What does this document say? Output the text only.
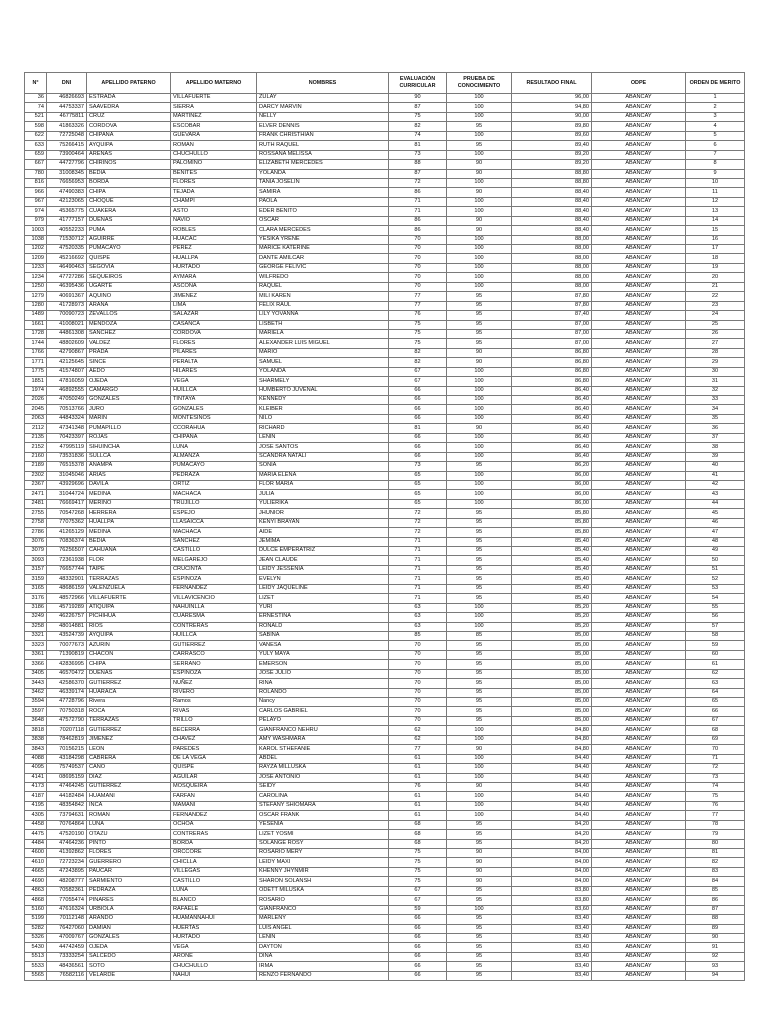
N°	DNI	APELLIDO PATERNO	APELLIDO MATERNO	NOMBRES	EVALUACIÓN CURRICULAR	PRUEBA DE CONOCIMIENTO	RESULTADO FINAL	ODPE	ORDEN DE MERITO
36	46826693	ESTRADA	VILLAFUERTE	ZULAY	90	100	96,00	ABANCAY	1
74	44753337	SAAVEDRA	SIERRA	DARCY MARVIN	87	100	94,80	ABANCAY	2
521	46775811	CRUZ	MARTINEZ	NELLY	75	100	90,00	ABANCAY	3
598	41863326	CORDOVA	ESCOBAR	ELVER DENNIS	82	95	89,80	ABANCAY	4
622	72725048	CHIPANA	GUEVARA	FRANK CHRISTHIAN	74	100	89,60	ABANCAY	5
633	75266415	AYQUIPA	ROMAN	RUTH RAQUEL	81	95	89,40	ABANCAY	6
659	73900464	ARENAS	CHUCHULLO	ROSSANA MELISSA	73	100	89,20	ABANCAY	7
667	44727796	CHIRINOS	PALOMINO	ELIZABETH MERCEDES	88	90	89,20	ABANCAY	8
780	31008345	BEDIA	BENITES	YOLANDA	87	90	88,80	ABANCAY	9
816	76656953	BORDA	FLORES	TANIA JOSELIN	72	100	88,80	ABANCAY	10
966	47490383	CHIPA	TEJADA	SAMIRA	86	90	88,40	ABANCAY	11
967	42123065	CHOQUE	CHAMPI	PAOLA	71	100	88,40	ABANCAY	12
974	45365775	CUAKERA	ASTO	EDER BENITO	71	100	88,40	ABANCAY	13
979	41777157	DUENAS	NAVIO	OSCAR	86	90	88,40	ABANCAY	14
1003	40552233	PUMA	ROBLES	CLARA MERCEDES	86	90	88,40	ABANCAY	15
1038	71530712	AGUIRRE	HUACAC	YESIKA YRENE	70	100	88,00	ABANCAY	16
1202	47520335	PUMACAYO	PEREZ	MARICE KATERINE	70	100	88,00	ABANCAY	17
1209	45216692	QUISPE	HUALLPA	DANTE AMILCAR	70	100	88,00	ABANCAY	18
1233	46490463	SEGOVIA	HURTADO	GEORGE FELIVIC	70	100	88,00	ABANCAY	19
1234	47727286	SEQUEIROS	AYMARA	WILFREDO	70	100	88,00	ABANCAY	20
1250	46395436	UGARTE	ASCONA	RAQUEL	70	100	88,00	ABANCAY	21
1279	40691367	AQUINO	JIMENEZ	MILI KAREN	77	95	87,80	ABANCAY	22
1280	41728973	ARANA	LIMA	FELIX RAUL	77	95	87,80	ABANCAY	23
1489	70090723	ZEVALLOS	SALAZAR	LILY YOVANNA	76	95	87,40	ABANCAY	24
1661	41008021	MENDOZA	CASANCA	LISBETH	75	95	87,00	ABANCAY	25
1728	44861308	SANCHEZ	CORDOVA	MARIELA	75	95	87,00	ABANCAY	26
1744	48802609	VALDEZ	FLORES	ALEXANDER LUIS MIGUEL	75	95	87,00	ABANCAY	27
1766	42790867	PRADA	PILARES	MARIO	82	90	86,80	ABANCAY	28
1771	42125645	SINCE	PERALTA	SAMUEL	82	90	86,80	ABANCAY	29
1775	41574807	AEDO	HILARES	YOLANDA	67	100	86,80	ABANCAY	30
1851	47816059	OJEDA	VEGA	SHARMELY	67	100	86,80	ABANCAY	31
1974	46892555	CAMARGO	HUILLCA	HUMBERTO JUVENAL	66	100	86,40	ABANCAY	32
2026	47050249	GONZALES	TINTAYA	KENNEDY	66	100	86,40	ABANCAY	33
2045	70513766	JURO	GONZALES	KLEIBER	66	100	86,40	ABANCAY	34
2063	44843324	MARIN	MONTESINOS	NILO	66	100	86,40	ABANCAY	35
2112	47341348	PUMAPILLO	CCORAHUA	RICHARD	81	90	86,40	ABANCAY	36
2135	70423397	ROJAS	CHIPANA	LENIN	66	100	86,40	ABANCAY	37
2152	47995119	SIHUINCHA	LUNA	JOSE SANTOS	66	100	86,40	ABANCAY	38
2160	73531836	SULLCA	ALMANZA	SCANDRA NATALI	66	100	86,40	ABANCAY	39
2189	76515378	ANAMPA	PUMACAYO	SONIA	73	95	86,20	ABANCAY	40
2302	31045046	ARIAS	PEDRAZA	MARIA ELENA	65	100	86,00	ABANCAY	41
2367	43929696	DAVILA	ORTIZ	FLOR MARIA	65	100	86,00	ABANCAY	42
2471	31044724	MEDINA	MACHACA	JULIA	65	100	86,00	ABANCAY	43
2481	76669417	MERINO	TRUJILLO	YULIERIKA	65	100	86,00	ABANCAY	44
2755	70547268	HERRERA	ESPEJO	JHUNIOR	72	95	85,80	ABANCAY	45
2758	77075362	HUALLPA	LLASAICCA	KENYI BRAYAN	72	95	85,80	ABANCAY	46
2786	41265129	MEDINA	MACHACA	AIDE	72	95	85,80	ABANCAY	47
3076	70836374	BEDIA	SANCHEZ	JEMIMA	71	95	85,40	ABANCAY	48
3079	76256507	CAHUANA	CASTILLO	DULCE EMPERATRIZ	71	95	85,40	ABANCAY	49
3093	72361938	FLOR	MELGAREJO	JEAN CLAUDE	71	95	85,40	ABANCAY	50
3157	76657744	TAIPE	CRUCINTA	LEIDY JESSENIA	71	95	85,40	ABANCAY	51
3159	48332901	TERRAZAS	ESPINOZA	EVELYN	71	95	85,40	ABANCAY	52
3165	48686159	VALENZUELA	FERNANDEZ	LEIDY JAQUELINE	71	95	85,40	ABANCAY	53
3176	48572966	VILLAFUERTE	VILLAVICENCIO	LIZET	71	95	85,40	ABANCAY	54
3186	45719289	ATIQUIPA	NAHUINLLA	YURI	63	100	85,20	ABANCAY	55
3249	46226757	PICHIHUA	CUARESMA	ERNESTINA	63	100	85,20	ABANCAY	56
3258	48014881	RIOS	CONTRERAS	RONALD	63	100	85,20	ABANCAY	57
3321	43524739	AYQUIPA	HUILLCA	SABINA	85	85	85,00	ABANCAY	58
3323	70077673	AZURIN	GUTIERREZ	VANESA	70	95	85,00	ABANCAY	59
3361	71390819	CHACON	CARRASCO	YULY MAYA	70	95	85,00	ABANCAY	60
3366	42836995	CHIPA	SERRANO	EMERSON	70	95	85,00	ABANCAY	61
3405	46570472	DUEÑAS	ESPINOZA	JOSE JULIO	70	95	85,00	ABANCAY	62
3443	42586370	GUTIERREZ	NUÑEZ	RINA	70	95	85,00	ABANCAY	63
3462	46339174	HUARACA	RIVERO	ROLANDO	70	95	85,00	ABANCAY	64
3594	47728796	Rivera	Ramos	Nancy	70	95	85,00	ABANCAY	65
3597	70750318	ROCA	RIVAS	CARLOS GABRIEL	70	95	85,00	ABANCAY	66
3648	47572790	TERRAZAS	TRILLO	PELAYO	70	95	85,00	ABANCAY	67
3818	70207118	GUTIERREZ	BECERRA	GIANFRANCO NEHRU	62	100	84,80	ABANCAY	68
3838	78462819	JIMENEZ	CHAVEZ	AMY WASHMARA	62	100	84,80	ABANCAY	69
3843	70156215	LEON	PAREDES	KAROL STHEFANIE	77	90	84,80	ABANCAY	70
4088	43184298	CABRERA	DE LA VEGA	ABDEL	61	100	84,40	ABANCAY	71
4095	75749537	CANO	QUISPE	RAYZA MILLUSKA	61	100	84,40	ABANCAY	72
4141	08695159	DIAZ	AGUILAR	JOSE ANTONIO	61	100	84,40	ABANCAY	73
4173	47464245	GUTIERREZ	MOSQUEIRA	SEIDY	76	90	84,40	ABANCAY	74
4187	44182484	HUAMANI	FARFAN	CAROLINA	61	100	84,40	ABANCAY	75
4195	48354842	INCA	MAMANI	STEFANY SHIOMARA	61	100	84,40	ABANCAY	76
4305	73794631	ROMAN	FERNANDEZ	OSCAR FRANK	61	100	84,40	ABANCAY	77
4458	70764864	LUNA	OCHOA	YESENIA	68	95	84,20	ABANCAY	78
4475	47520190	OTAZU	CONTRERAS	LIZET YOSMI	68	95	84,20	ABANCAY	79
4484	47464236	PINTO	BORDA	SOLANGE ROSY	68	95	84,20	ABANCAY	80
4600	41392862	FLORES	ORCCORE	ROSARIO MERY	75	90	84,00	ABANCAY	81
4610	72723234	GUERRERO	CHICLLA	LEIDY MAXI	75	90	84,00	ABANCAY	82
4665	47243895	PAUCAR	VILLEGAS	KHENNY JHYNMIR	75	90	84,00	ABANCAY	83
4690	48208777	SARMIENTO	CASTILLO	SHARON SOLANSH	75	90	84,00	ABANCAY	84
4863	70582361	PEDRAZA	LUNA	ODETT MILUSKA	67	95	83,80	ABANCAY	85
4868	77055474	PINARES	BLANCO	ROSARIO	67	95	83,80	ABANCAY	86
5160	47616324	URBIOLA	RAFAELE	GIANFRANCO	59	100	83,60	ABANCAY	87
5199	70112148	ARANDO	HUAMANNAHUI	MARLENY	66	95	83,40	ABANCAY	88
5282	76427060	DAMIAN	HUERTAS	LUIS ANGEL	66	95	83,40	ABANCAY	89
5326	47009767	GONZALES	HURTADO	LENIN	66	95	83,40	ABANCAY	90
5430	44742459	OJEDA	VEGA	DAYTON	66	95	83,40	ABANCAY	91
5513	73333254	SALCEDO	ARONE	DINA	66	95	83,40	ABANCAY	92
5533	48436561	SOTO	CHUCHULLO	IRMA	66	95	83,40	ABANCAY	93
5565	76582116	VELARDE	NAHUI	RENZO FERNANDO	66	95	83,40	ABANCAY	94
